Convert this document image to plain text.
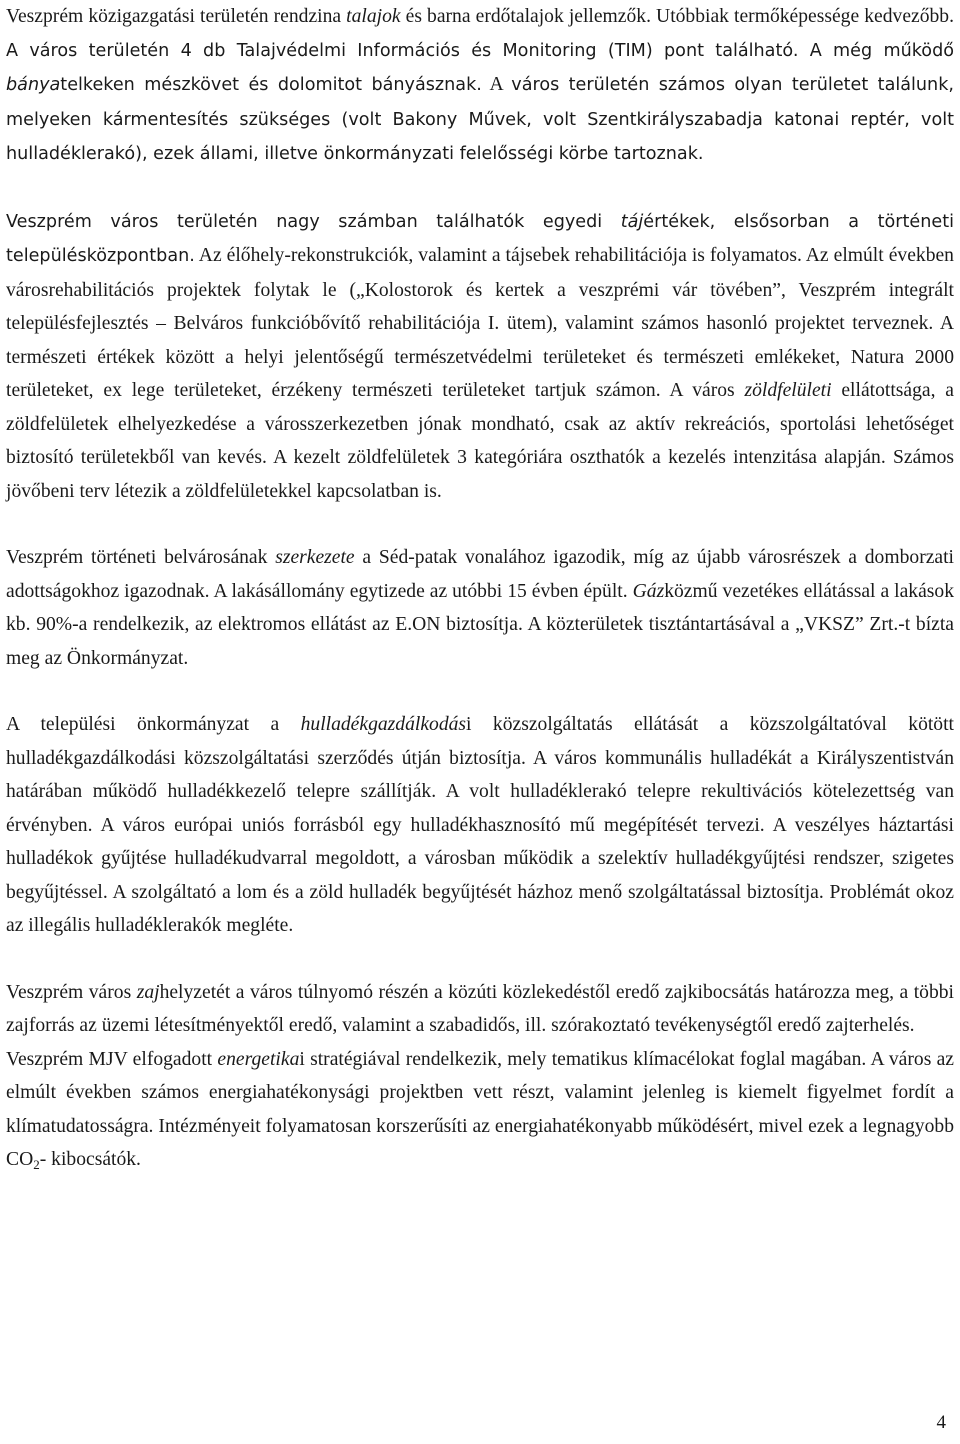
Veszprém közigazgatási területén rendzina talajok és barna erdőtalajok jellemzők. Utóbbiak termőképessége kedvezőbb. A város területén 4 db Talajvédelmi Információs és Monitoring (TIM) pont található. A még működő bányatelkeken mészkövet és dolomitot bányásznak. A város területén számos olyan területet találunk, melyeken kármentesítés szükséges (volt Bakony Művek, volt Szentkirályszabadja katonai reptér, volt hulladéklerakó), ezek állami, illetve önkormányzati felelősségi körbe tartoznak.

Veszprém város területén nagy számban találhatók egyedi tájértékek, elsősorban a történeti településközpontban. Az élőhely-rekonstrukciók, valamint a tájsebek rehabilitációja is folyamatos. Az elmúlt években városrehabilitációs projektek folytak le („Kolostorok és kertek a veszprémi vár tövében”, Veszprém integrált településfejlesztés – Belváros funkcióbővítő rehabilitációja I. ütem), valamint számos hasonló projektet terveznek. A természeti értékek között a helyi jelentőségű természetvédelmi területeket és természeti emlékeket, Natura 2000 területeket, ex lege területeket, érzékeny természeti területeket tartjuk számon. A város zöldfelületi ellátottsága, a zöldfelületek elhelyezkedése a városszerkezetben jónak mondható, csak az aktív rekreációs, sportolási lehetőséget biztosító területekből van kevés. A kezelt zöldfelületek 3 kategóriára oszthatók a kezelés intenzitása alapján. Számos jövőbeni terv létezik a zöldfelületekkel kapcsolatban is.

Veszprém történeti belvárosának szerkezete a Séd-patak vonalához igazodik, míg az újabb városrészek a domborzati adottságokhoz igazodnak. A lakásállomány egytizede az utóbbi 15 évben épült. Gázközmű vezetékes ellátással a lakások kb. 90%-a rendelkezik, az elektromos ellátást az E.ON biztosítja. A közterületek tisztántartásával a „VKSZ” Zrt.-t bízta meg az Önkormányzat.

A települési önkormányzat a hulladékgazdálkodási közszolgáltatás ellátását a közszolgáltatóval kötött hulladékgazdálkodási közszolgáltatási szerződés útján biztosítja. A város kommunális hulladékát a Királyszentistván határában működő hulladékkezelő telepre szállítják. A volt hulladéklerakó telepre rekultivációs kötelezettség van érvényben. A város európai uniós forrásból egy hulladékhasznosító mű megépítését tervezi. A veszélyes háztartási hulladékok gyűjtése hulladékudvarral megoldott, a városban működik a szelektív hulladékgyűjtési rendszer, szigetes begyűjtéssel. A szolgáltató a lom és a zöld hulladék begyűjtését házhoz menő szolgáltatással biztosítja. Problémát okoz az illegális hulladéklerakók megléte.

Veszprém város zajhelyzetét a város túlnyomó részén a közúti közlekedéstől eredő zajkibocsátás határozza meg, a többi zajforrás az üzemi létesítményektől eredő, valamint a szabadidős, ill. szórakoztató tevékenységtől eredő zajterhelés.

Veszprém MJV elfogadott energetikai stratégiával rendelkezik, mely tematikus klímacélokat foglal magában. A város az elmúlt években számos energiahatékonysági projektben vett részt, valamint jelenleg is kiemelt figyelmet fordít a klímatudatosságra. Intézményeit folyamatosan korszerűsíti az energiahatékonyabb működésért, mivel ezek a legnagyobb $CO_2-$ kibocsátók.

4
